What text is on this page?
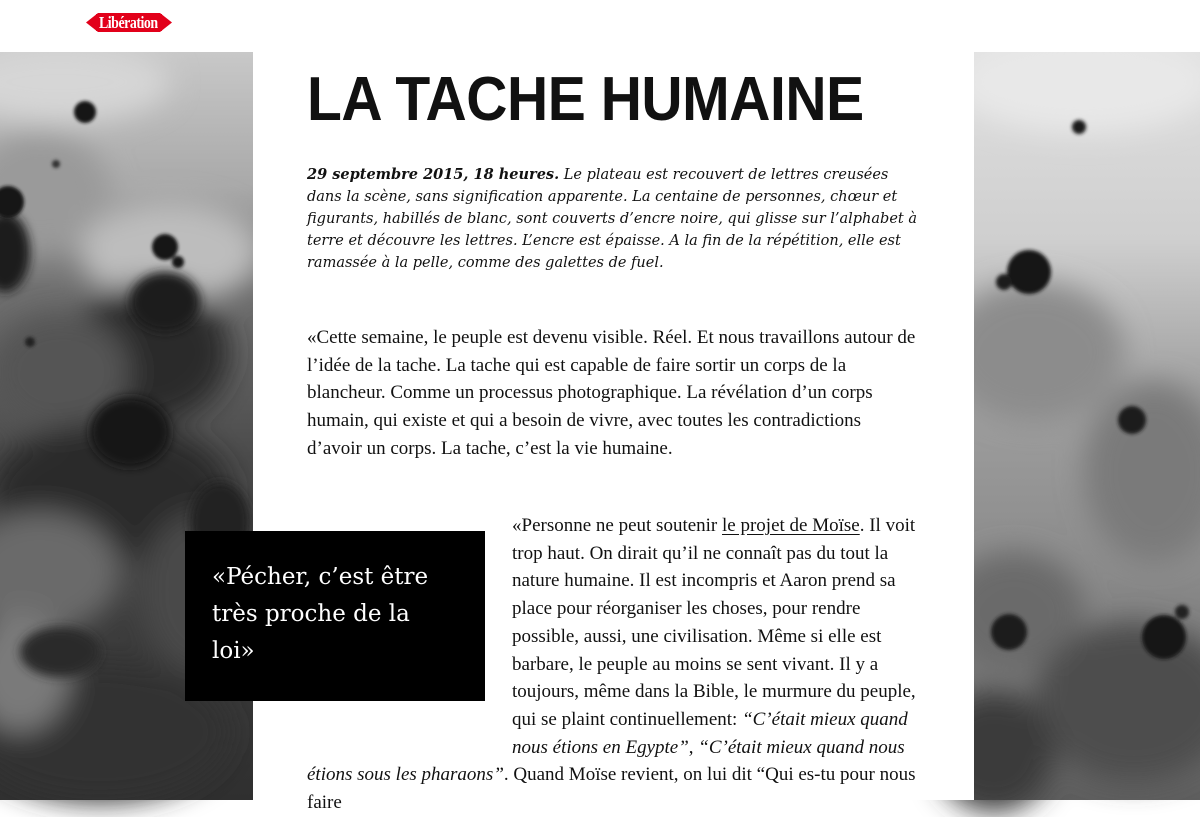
Libération
LA TACHE HUMAINE

29 septembre 2015, 18 heures. Le plateau est recouvert de lettres creusées dans la scène, sans signification apparente. La centaine de personnes, chœur et figurants, habillés de blanc, sont couverts d’encre noire, qui glisse sur l’alphabet à terre et découvre les lettres. L’encre est épaisse. A la fin de la répétition, elle est ramassée à la pelle, comme des galettes de fuel.

«Cette semaine, le peuple est devenu visible. Réel. Et nous travaillons autour de l’idée de la tache. La tache qui est capable de faire sortir un corps de la blancheur. Comme un processus photographique. La révélation d’un corps humain, qui existe et qui a besoin de vivre, avec toutes les contradictions d’avoir un corps. La tache, c’est la vie humaine.

«Personne ne peut soutenir le projet de Moïse. Il voit trop haut. On dirait qu’il ne connaît pas du tout la nature humaine. Il est incompris et Aaron prend sa place pour réorganiser les choses, pour rendre possible, aussi, une civilisation. Même si elle est barbare, le peuple au moins se sent vivant. Il y a toujours, même dans la Bible, le murmure du peuple, qui se plaint continuellement: “C’était mieux quand nous étions en Egypte”, “C’était mieux quand nous étions sous les pharaons”. Quand Moïse revient, on lui dit “Qui es-tu pour nous faire

«Pécher, c’est être très proche de la loi»
